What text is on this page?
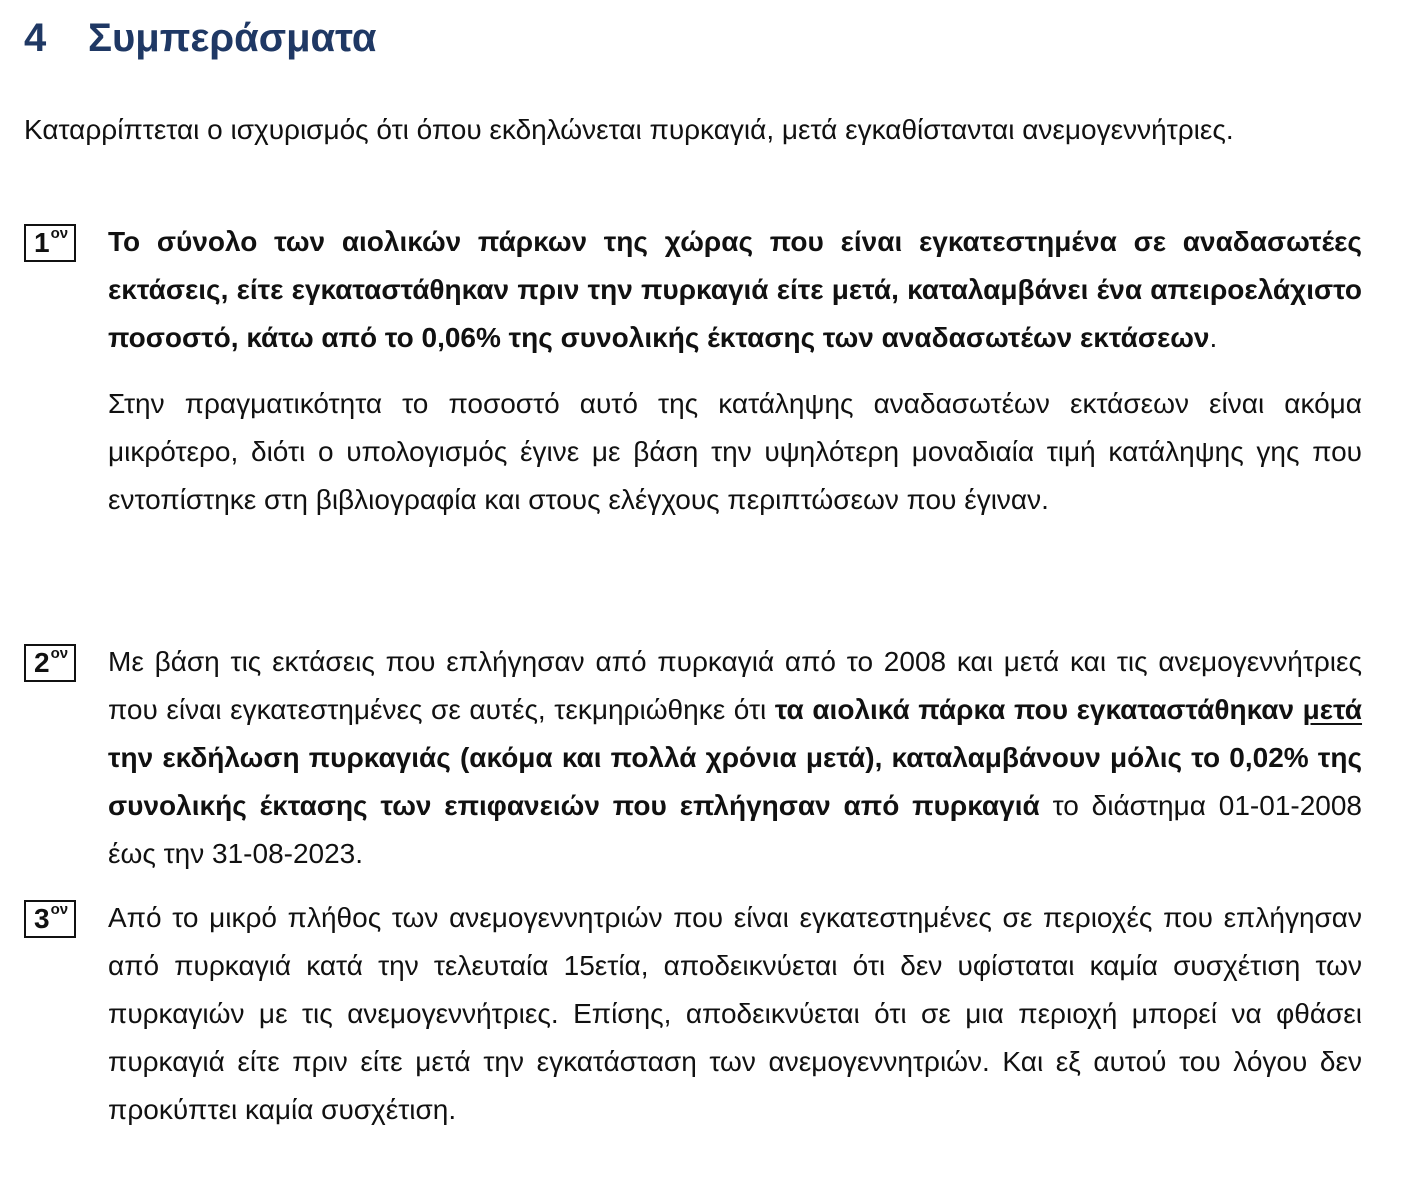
4	Συμπεράσματα

Καταρρίπτεται ο ισχυρισμός ότι όπου εκδηλώνεται πυρκαγιά, μετά εγκαθίστανται ανεμογεννήτριες.

$1^{o\nu}$ Το σύνολο των αιολικών πάρκων της χώρας που είναι εγκατεστημένα σε αναδασωτέες εκτάσεις, είτε εγκαταστάθηκαν πριν την πυρκαγιά είτε μετά, καταλαμβάνει ένα απειροελάχιστο ποσοστό, κάτω από το 0,06% της συνολικής έκτασης των αναδασωτέων εκτάσεων.

Στην πραγματικότητα το ποσοστό αυτό της κατάληψης αναδασωτέων εκτάσεων είναι ακόμα μικρότερο, διότι ο υπολογισμός έγινε με βάση την υψηλότερη μοναδιαία τιμή κατάληψης γης που εντοπίστηκε στη βιβλιογραφία και στους ελέγχους περιπτώσεων που έγιναν.

$2^{o\nu}$ Με βάση τις εκτάσεις που επλήγησαν από πυρκαγιά από το 2008 και μετά και τις ανεμογεννήτριες που είναι εγκατεστημένες σε αυτές, τεκμηριώθηκε ότι τα αιολικά πάρκα που εγκαταστάθηκαν μετά την εκδήλωση πυρκαγιάς (ακόμα και πολλά χρόνια μετά), καταλαμβάνουν μόλις το 0,02% της συνολικής έκτασης των επιφανειών που επλήγησαν από πυρκαγιά το διάστημα 01-01-2008 έως την 31-08-2023.

$3^{o\nu}$ Από το μικρό πλήθος των ανεμογεννητριών που είναι εγκατεστημένες σε περιοχές που επλήγησαν από πυρκαγιά κατά την τελευταία 15ετία, αποδεικνύεται ότι δεν υφίσταται καμία συσχέτιση των πυρκαγιών με τις ανεμογεννήτριες. Επίσης, αποδεικνύεται ότι σε μια περιοχή μπορεί να φθάσει πυρκαγιά είτε πριν είτε μετά την εγκατάσταση των ανεμογεννητριών. Και εξ αυτού του λόγου δεν προκύπτει καμία συσχέτιση.
